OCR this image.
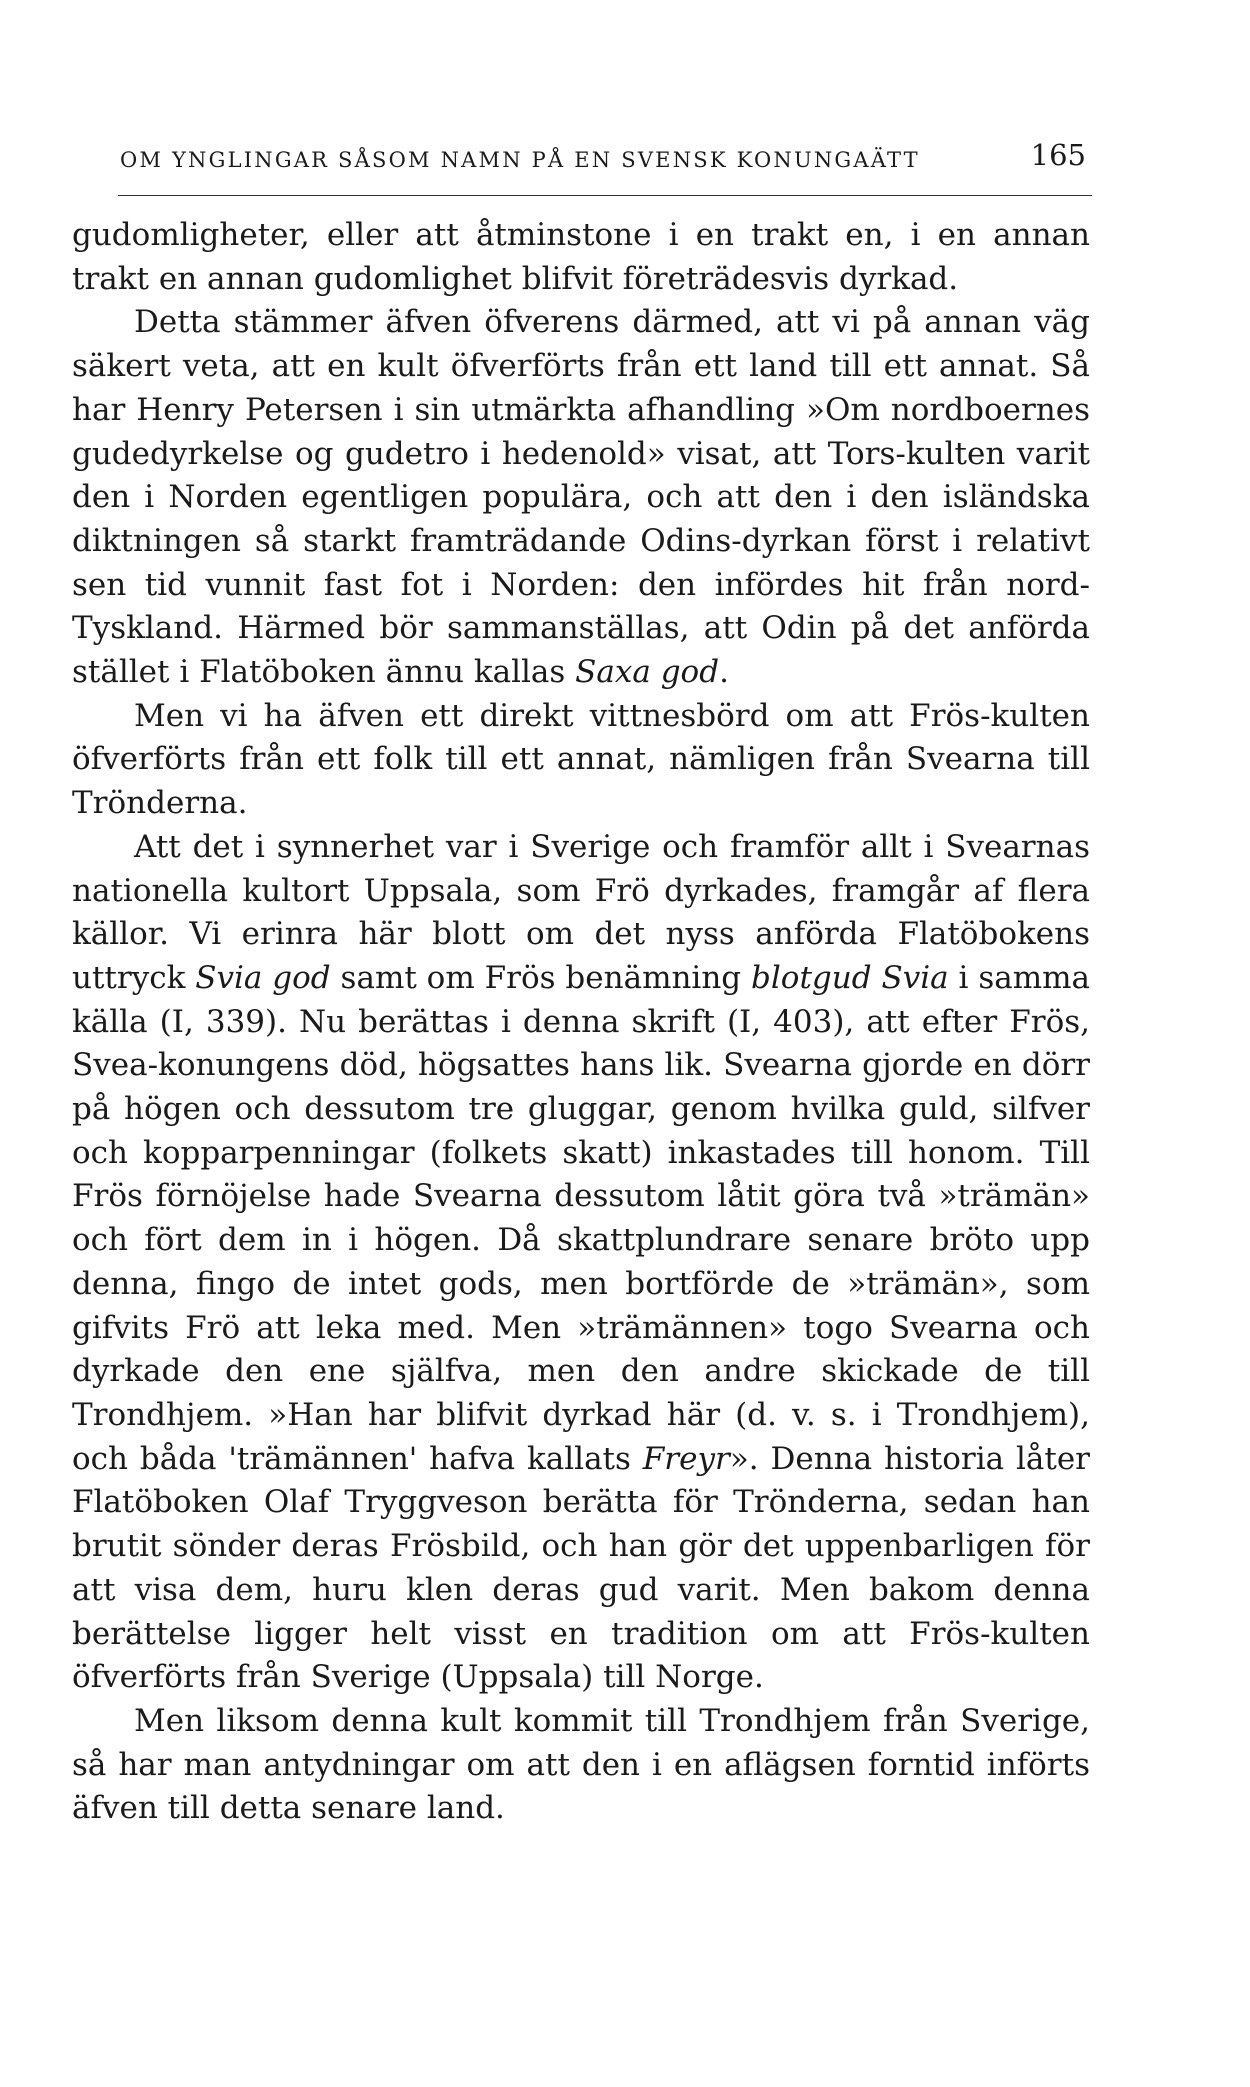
OM YNGLINGAR SÅSOM NAMN PÅ EN SVENSK KONUNGAÄTT	165

gudomligheter, eller att åtminstone i en trakt en, i en annan trakt en annan gudomlighet blifvit företrädesvis dyrkad.

Detta stämmer äfven öfverens därmed, att vi på annan väg säkert veta, att en kult öfverförts från ett land till ett annat. Så har Henry Petersen i sin utmärkta afhandling »Om nordboernes gudedyrkelse og gudetro i hedenold» visat, att Tors-kulten varit den i Norden egentligen populära, och att den i den isländska diktningen så starkt framträdande Odins-dyrkan först i relativt sen tid vunnit fast fot i Norden: den infördes hit från nord-Tyskland. Härmed bör sammanställas, att Odin på det anförda stället i Flatöboken ännu kallas Saxa god.

Men vi ha äfven ett direkt vittnesbörd om att Frös-kulten öfverförts från ett folk till ett annat, nämligen från Svearna till Trönderna.

Att det i synnerhet var i Sverige och framför allt i Svearnas nationella kultort Uppsala, som Frö dyrkades, framgår af flera källor. Vi erinra här blott om det nyss anförda Flatöbokens uttryck Svia god samt om Frös benämning blotgud Svia i samma källa (I, 339). Nu berättas i denna skrift (I, 403), att efter Frös, Svea-konungens död, högsattes hans lik. Svearna gjorde en dörr på högen och dessutom tre gluggar, genom hvilka guld, silfver och kopparpenningar (folkets skatt) inkastades till honom. Till Frös förnöjelse hade Svearna dessutom låtit göra två »trämän» och fört dem in i högen. Då skattplundrare senare bröto upp denna, fingo de intet gods, men bortförde de »trämän», som gifvits Frö att leka med. Men »trämännen» togo Svearna och dyrkade den ene själfva, men den andre skickade de till Trondhjem. »Han har blifvit dyrkad här (d. v. s. i Trondhjem), och båda 'trämännen' hafva kallats Freyr». Denna historia låter Flatöboken Olaf Tryggveson berätta för Trönderna, sedan han brutit sönder deras Frösbild, och han gör det uppenbarligen för att visa dem, huru klen deras gud varit. Men bakom denna berättelse ligger helt visst en tradition om att Frös-kulten öfverförts från Sverige (Uppsala) till Norge.

Men liksom denna kult kommit till Trondhjem från Sverige, så har man antydningar om att den i en aflägsen forntid införts äfven till detta senare land.
